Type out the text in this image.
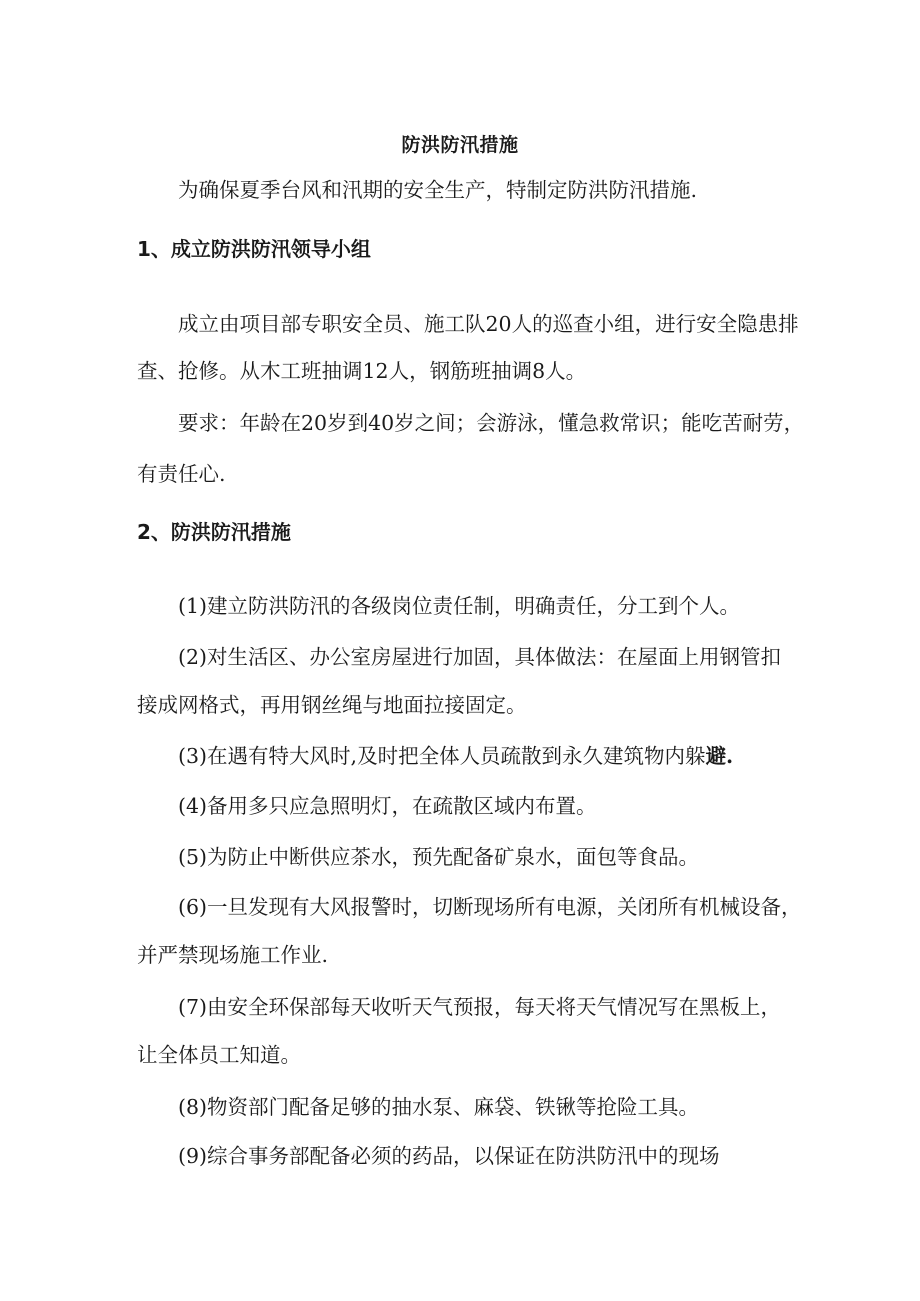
防洪防汛措施
为确保夏季台风和汛期的安全生产，特制定防洪防汛措施.
1、成立防洪防汛领导小组
成立由项目部专职安全员、施工队20人的巡查小组，进行安全隐患排
查、抢修。从木工班抽调12人，钢筋班抽调8人。
要求：年龄在20岁到40岁之间；会游泳，懂急救常识；能吃苦耐劳，
有责任心.
2、防洪防汛措施
(1)建立防洪防汛的各级岗位责任制，明确责任，分工到个人。
(2)对生活区、办公室房屋进行加固，具体做法：在屋面上用钢管扣
接成网格式，再用钢丝绳与地面拉接固定。
(3)在遇有特大风时,及时把全体人员疏散到永久建筑物内躲避.
(4)备用多只应急照明灯，在疏散区域内布置。
(5)为防止中断供应茶水，预先配备矿泉水，面包等食品。
(6)一旦发现有大风报警时，切断现场所有电源，关闭所有机械设备，
并严禁现场施工作业.
(7)由安全环保部每天收听天气预报，每天将天气情况写在黑板上，
让全体员工知道。
(8)物资部门配备足够的抽水泵、麻袋、铁锹等抢险工具。
(9)综合事务部配备必须的药品，以保证在防洪防汛中的现场
